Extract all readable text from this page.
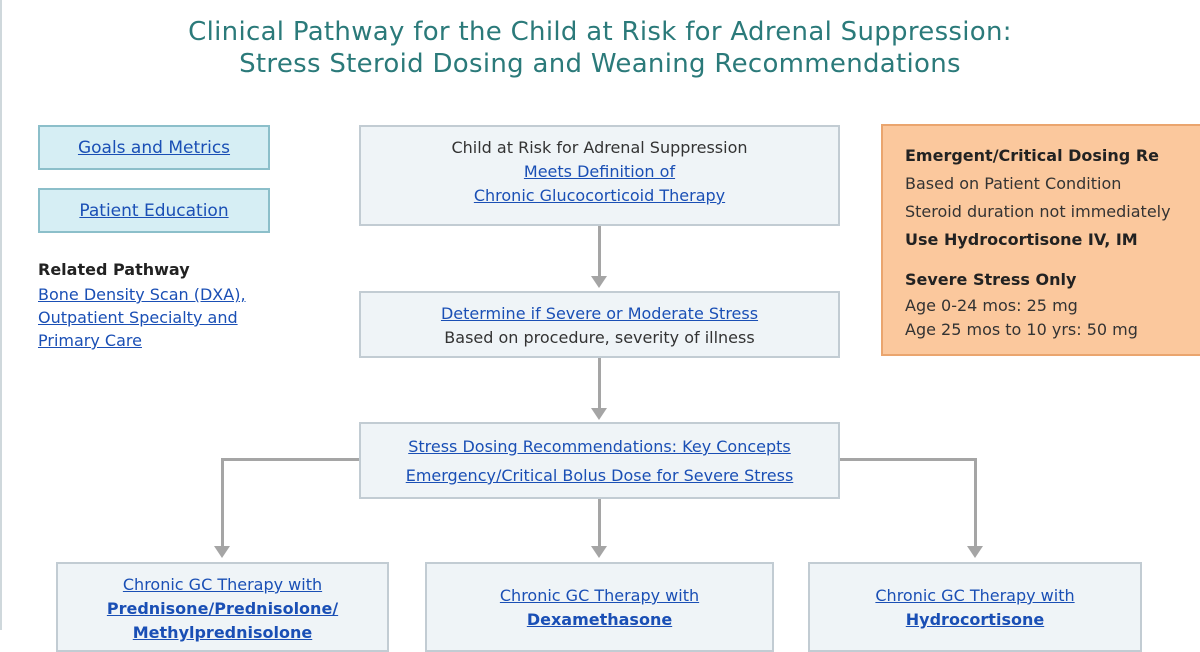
Clinical Pathway for the Child at Risk for Adrenal Suppression:
Stress Steroid Dosing and Weaning Recommendations
Goals and Metrics
Patient Education
Related Pathway
Bone Density Scan (DXA),
Outpatient Specialty and
Primary Care
Child at Risk for Adrenal Suppression
Meets Definition of
Chronic Glucocorticoid Therapy
Determine if Severe or Moderate Stress
Based on procedure, severity of illness
Stress Dosing Recommendations: Key Concepts
Emergency/Critical Bolus Dose for Severe Stress
Emergent/Critical Dosing Re
Based on Patient Condition
Steroid duration not immediately
Use Hydrocortisone IV, IM
Severe Stress Only
Age 0-24 mos: 25 mg
Age 25 mos to 10 yrs: 50 mg
Chronic GC Therapy with
Prednisone/Prednisolone/
Methylprednisolone
Chronic GC Therapy with
Dexamethasone
Chronic GC Therapy with
Hydrocortisone
